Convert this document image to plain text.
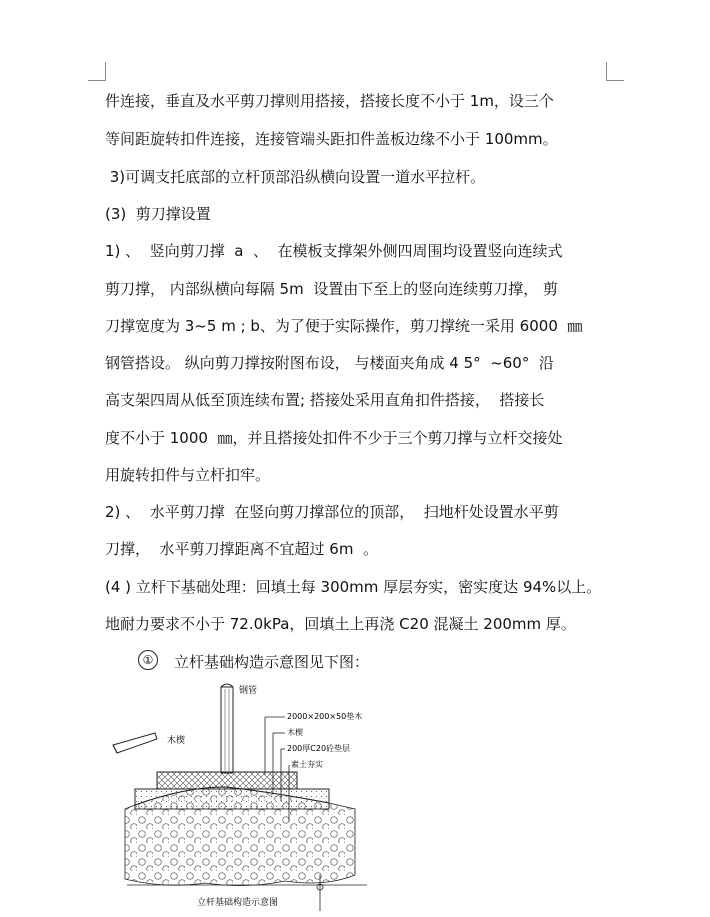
件连接，垂直及水平剪刀撑则用搭接，搭接长度不小于 1m，设三个
等间距旋转扣件连接，连接管端头距扣件盖板边缘不小于 100mm。
3)可调支托底部的立杆顶部沿纵横向设置一道水平拉杆。
(3)  剪刀撑设置
1) 、  竖向剪刀撑  a  、  在模板支撑架外侧四周围均设置竖向连续式
剪刀撑， 内部纵横向每隔 5m  设置由下至上的竖向连续剪刀撑， 剪
刀撑宽度为 3~5 m ; b、为了便于实际操作，剪刀撑统一采用 6000  ㎜
钢管搭设。 纵向剪刀撑按附图布设， 与楼面夹角成 4 5°  ~60°  沿
高支架四周从低至顶连续布置; 搭接处采用直角扣件搭接，  搭接长
度不小于 1000  ㎜，并且搭接处扣件不少于三个剪刀撑与立杆交接处
用旋转扣件与立杆扣牢。
2) 、  水平剪刀撑  在竖向剪刀撑部位的顶部，  扫地杆处设置水平剪
刀撑，  水平剪刀撑距离不宜超过 6m  。
(4 ) 立杆下基础处理：回填土每 300mm 厚层夯实，密实度达 94%以上。
地耐力要求不小于 72.0kPa，回填土上再浇 C20 混凝土 200mm 厚。
①	立杆基础构造示意图见下图：
钢管
木楔
2000×200×50垫木
木楔
200厚C20砼垫层
素土夯实
立杆基础构造示意图
